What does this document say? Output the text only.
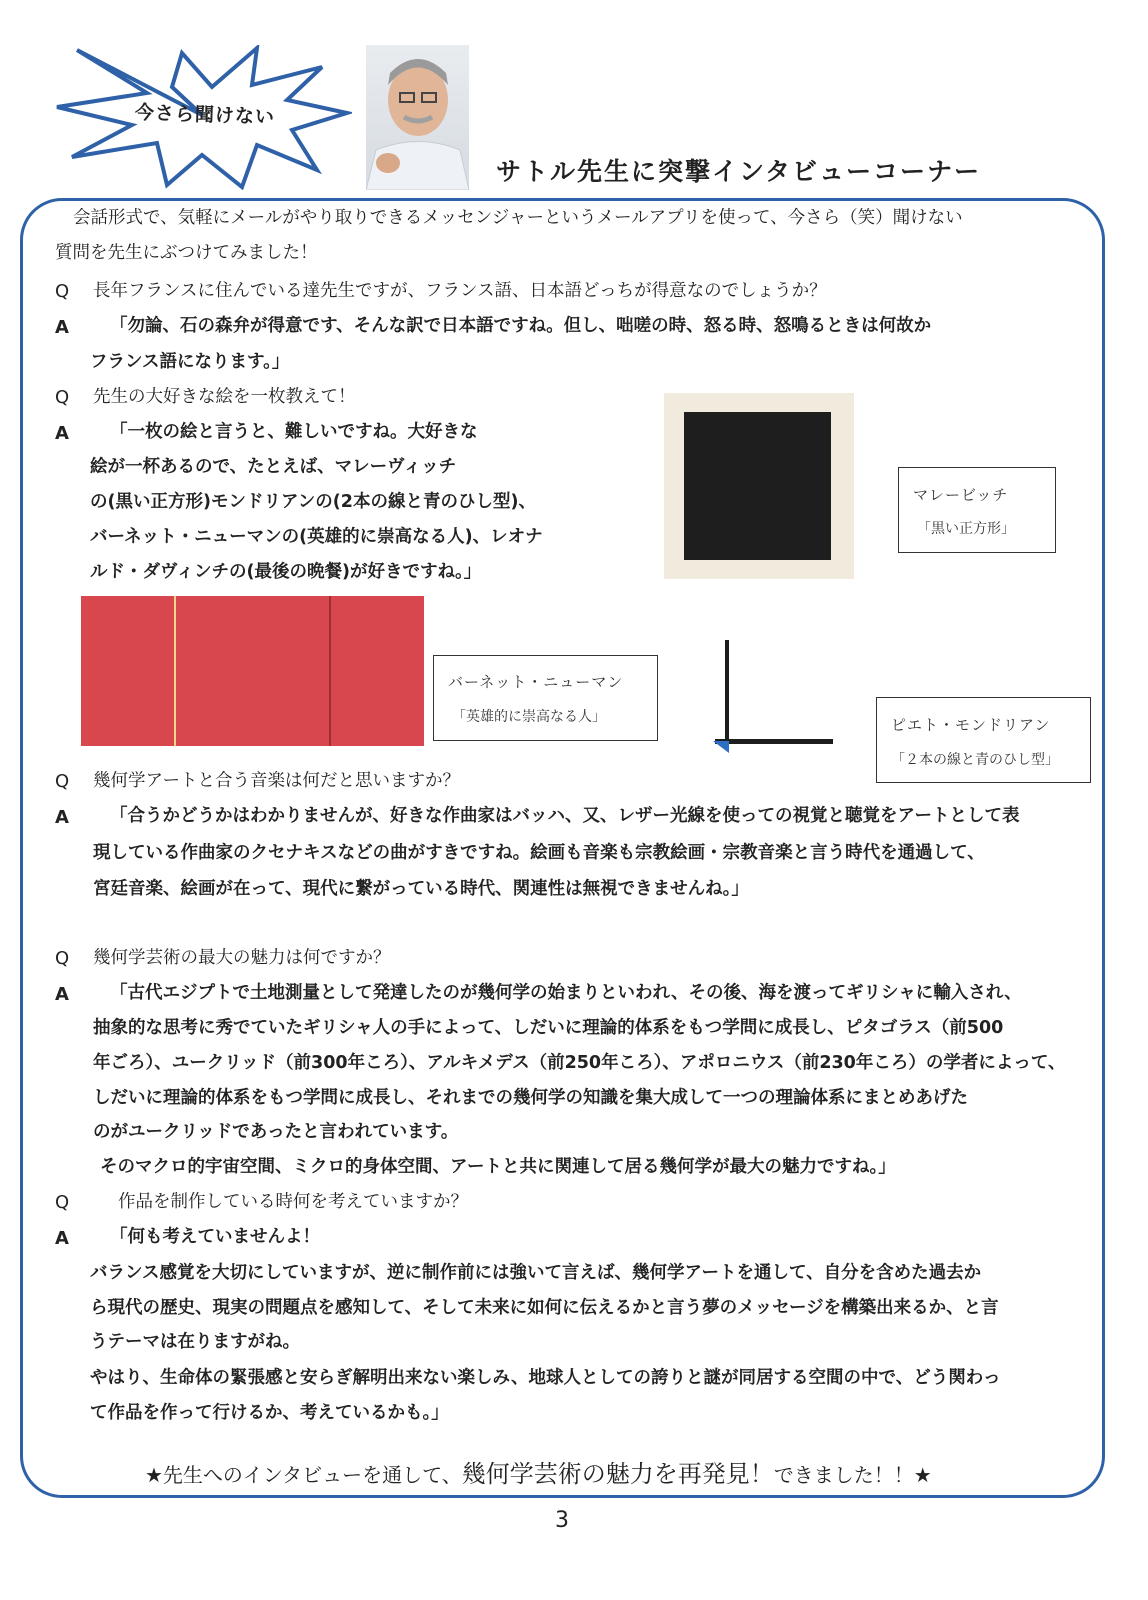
今さら聞けない
サトル先生に突撃インタビューコーナー
会話形式で、気軽にメールがやり取りできるメッセンジャーというメールアプリを使って、今さら（笑）聞けない
質問を先生にぶつけてみました！
Q 長年フランスに住んでいる達先生ですが、フランス語、日本語どっちが得意なのでしょうか？
A 「勿論、石の森弁が得意です、そんな訳で日本語ですね。但し、咄嗟の時、怒る時、怒鳴るときは何故か
フランス語になります。」
Q 先生の大好きな絵を一枚教えて！
A 「一枚の絵と言うと、難しいですね。大好きな
絵が一杯あるので、たとえば、マレーヴィッチ
の(黒い正方形)モンドリアンの(2本の線と青のひし型)、
バーネット・ニューマンの(英雄的に崇高なる人)、レオナ
ルド・ダヴィンチの(最後の晩餐)が好きですね。」
マレービッチ
「黒い正方形」
バーネット・ニューマン
「英雄的に崇高なる人」	ピエト・モンドリアン
「２本の線と青のひし型」
Q 幾何学アートと合う音楽は何だと思いますか？
A 「合うかどうかはわかりませんが、好きな作曲家はバッハ、又、レザー光線を使っての視覚と聴覚をアートとして表
現している作曲家のクセナキスなどの曲がすきですね。絵画も音楽も宗教絵画・宗教音楽と言う時代を通過して、
宮廷音楽、絵画が在って、現代に繋がっている時代、関連性は無視できませんね。」
Q 幾何学芸術の最大の魅力は何ですか？
A 「古代エジプトで土地測量として発達したのが幾何学の始まりといわれ、その後、海を渡ってギリシャに輸入され、
抽象的な思考に秀でていたギリシャ人の手によって、しだいに理論的体系をもつ学問に成長し、ピタゴラス（前500
年ごろ）、ユークリッド（前300年ころ）、アルキメデス（前250年ころ）、アポロニウス（前230年ころ）の学者によって、
しだいに理論的体系をもつ学問に成長し、それまでの幾何学の知識を集大成して一つの理論体系にまとめあげた
のがユークリッドであったと言われています。
そのマクロ的宇宙空間、ミクロ的身体空間、アートと共に関連して居る幾何学が最大の魅力ですね。」
Q	作品を制作している時何を考えていますか？
A 「何も考えていませんよ！
バランス感覚を大切にしていますが、逆に制作前には強いて言えば、幾何学アートを通して、自分を含めた過去か
ら現代の歴史、現実の問題点を感知して、そして未来に如何に伝えるかと言う夢のメッセージを構築出来るか、と言
うテーマは在りますがね。
やはり、生命体の緊張感と安らぎ解明出来ない楽しみ、地球人としての誇りと謎が同居する空間の中で、どう関わっ
て作品を作って行けるか、考えているかも。」
★先生へのインタビューを通して、幾何学芸術の魅力を再発見！できました！！★
3
